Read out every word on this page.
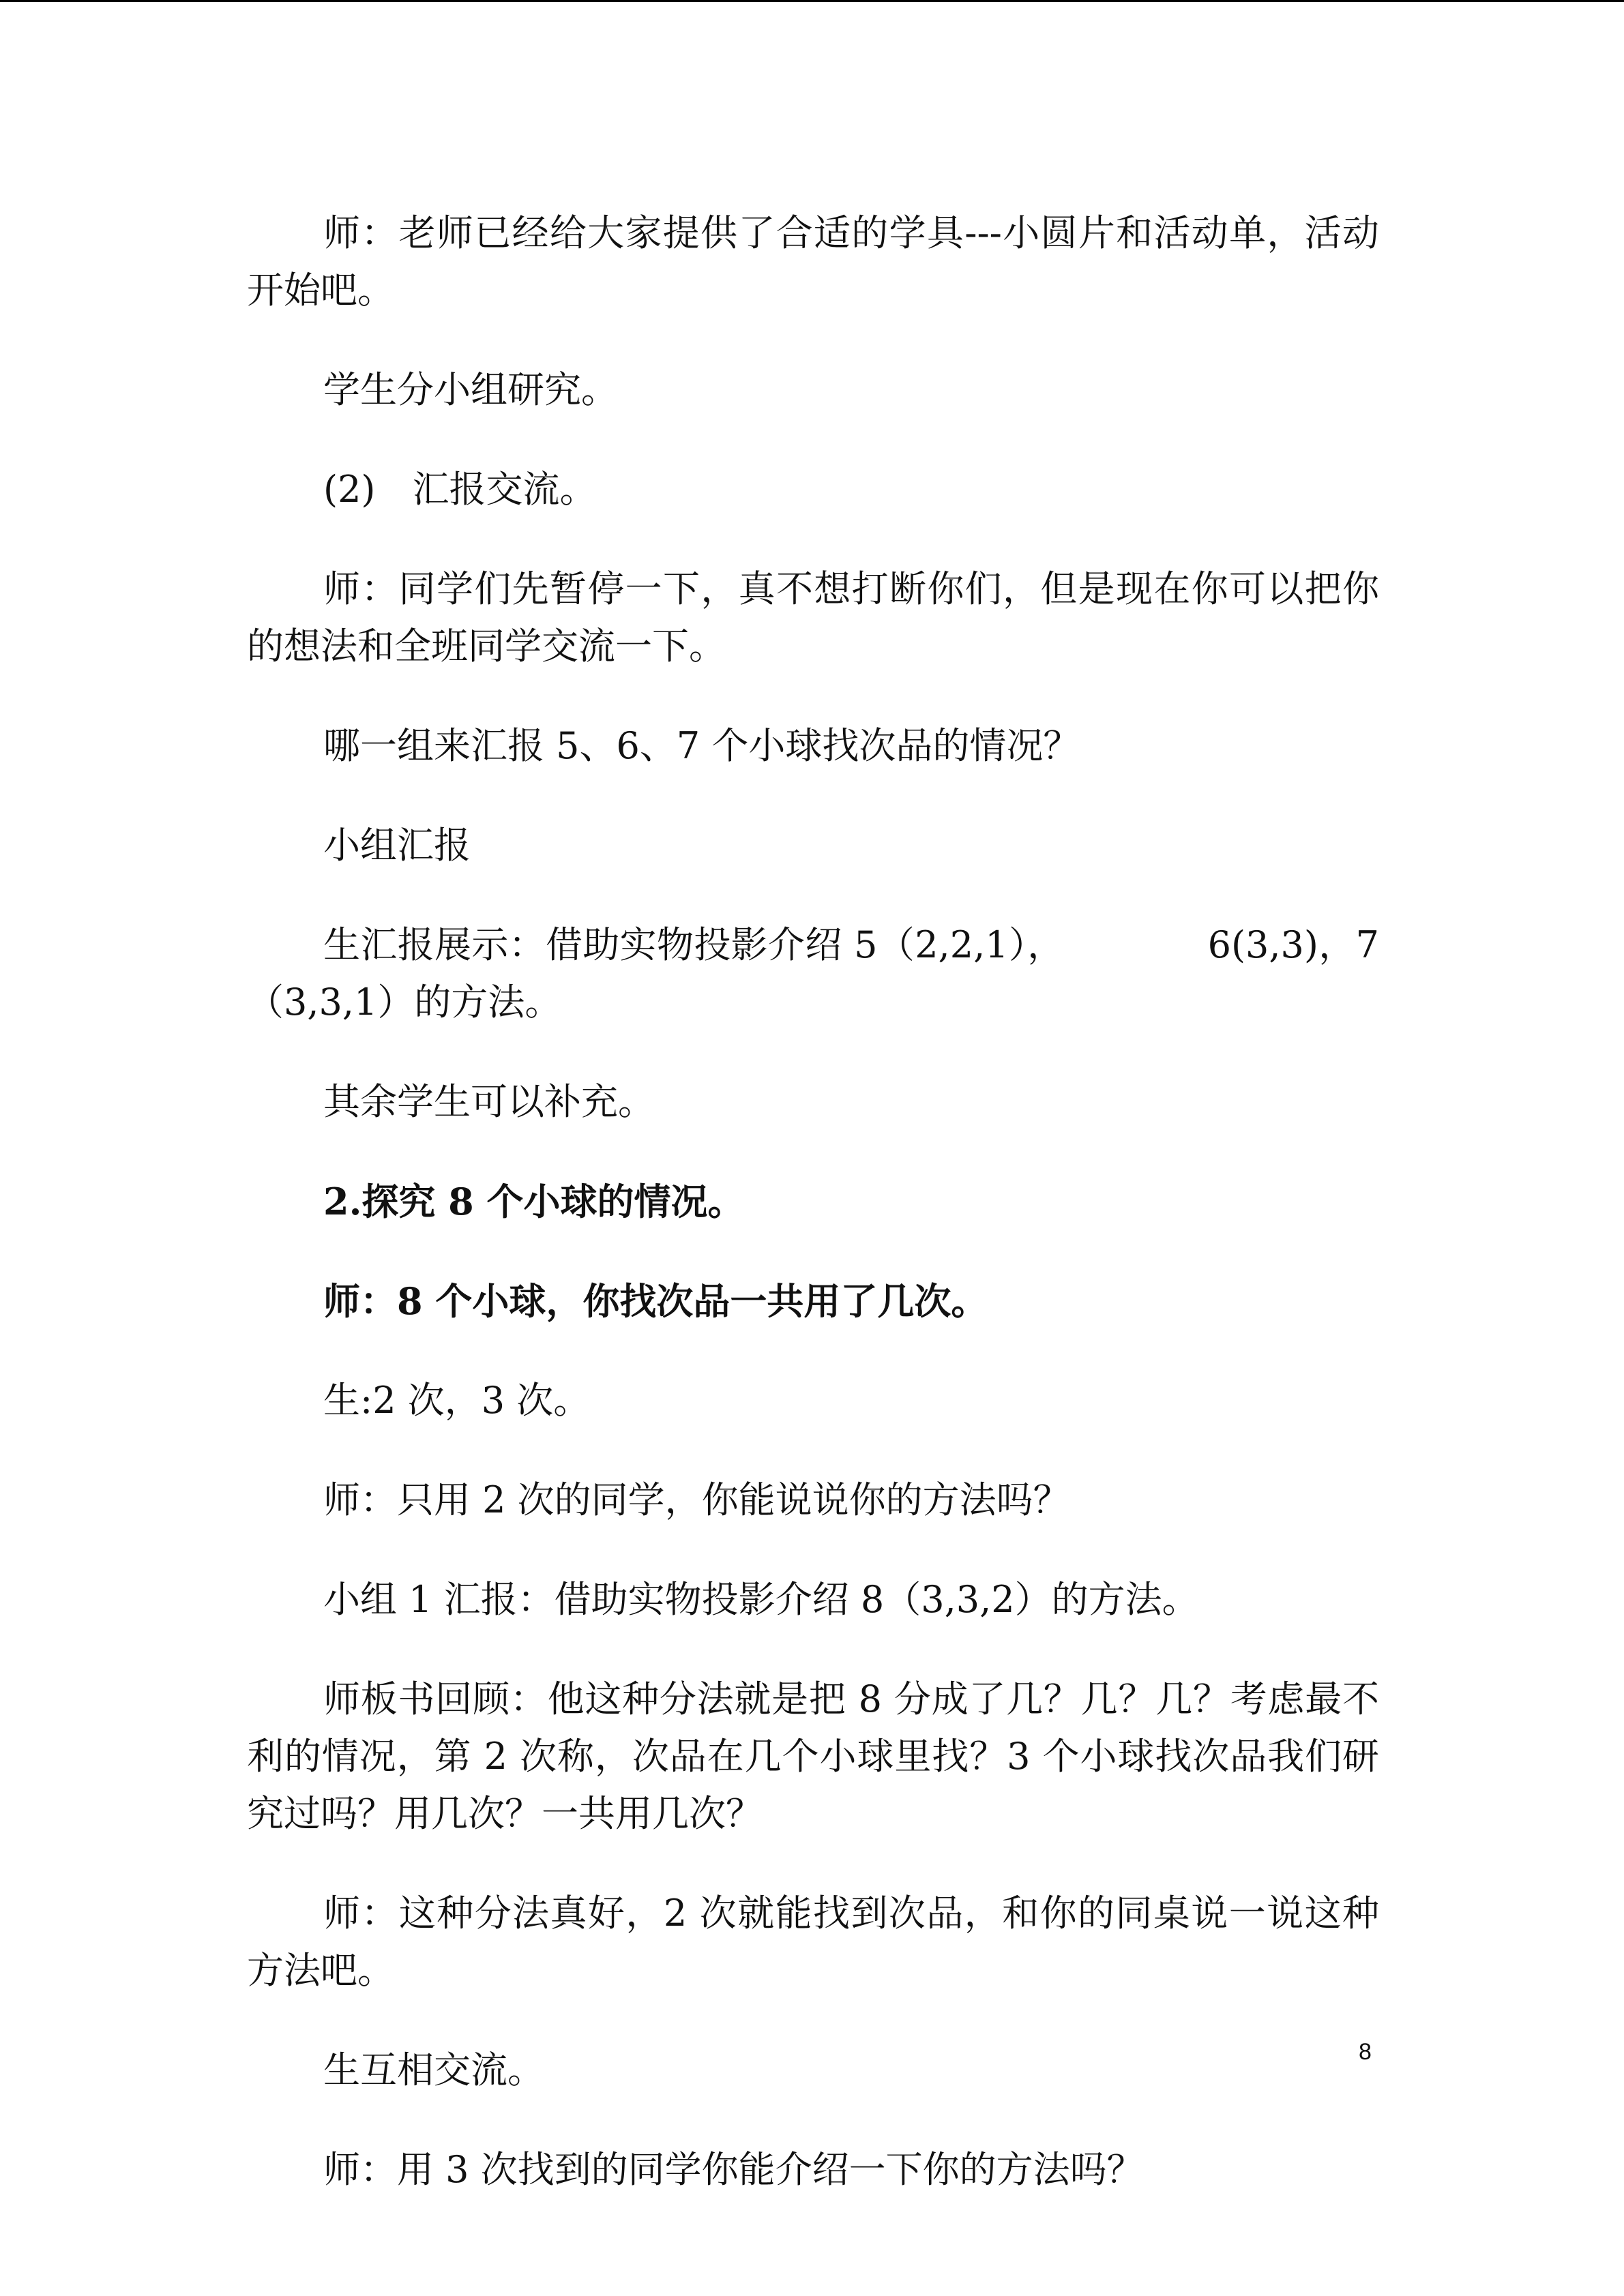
师：老师已经给大家提供了合适的学具---小圆片和活动单，活动开始吧。

学生分小组研究。

(2)　汇报交流。

师：同学们先暂停一下，真不想打断你们，但是现在你可以把你的想法和全班同学交流一下。

哪一组来汇报 5、6、7 个小球找次品的情况？

小组汇报

生汇报展示：借助实物投影介绍 5（2,2,1），            6(3,3)，7（3,3,1）的方法。

其余学生可以补充。

2.探究 8 个小球的情况。

师：8 个小球，你找次品一共用了几次。

生:2 次，3 次。

师：只用 2 次的同学，你能说说你的方法吗？

小组 1 汇报：借助实物投影介绍 8（3,3,2）的方法。

师板书回顾：他这种分法就是把 8 分成了几？几？几？考虑最不利的情况，第 2 次称，次品在几个小球里找？3 个小球找次品我们研究过吗？用几次？一共用几次？

师：这种分法真好，2 次就能找到次品，和你的同桌说一说这种方法吧。

生互相交流。

师：用 3 次找到的同学你能介绍一下你的方法吗？

8
